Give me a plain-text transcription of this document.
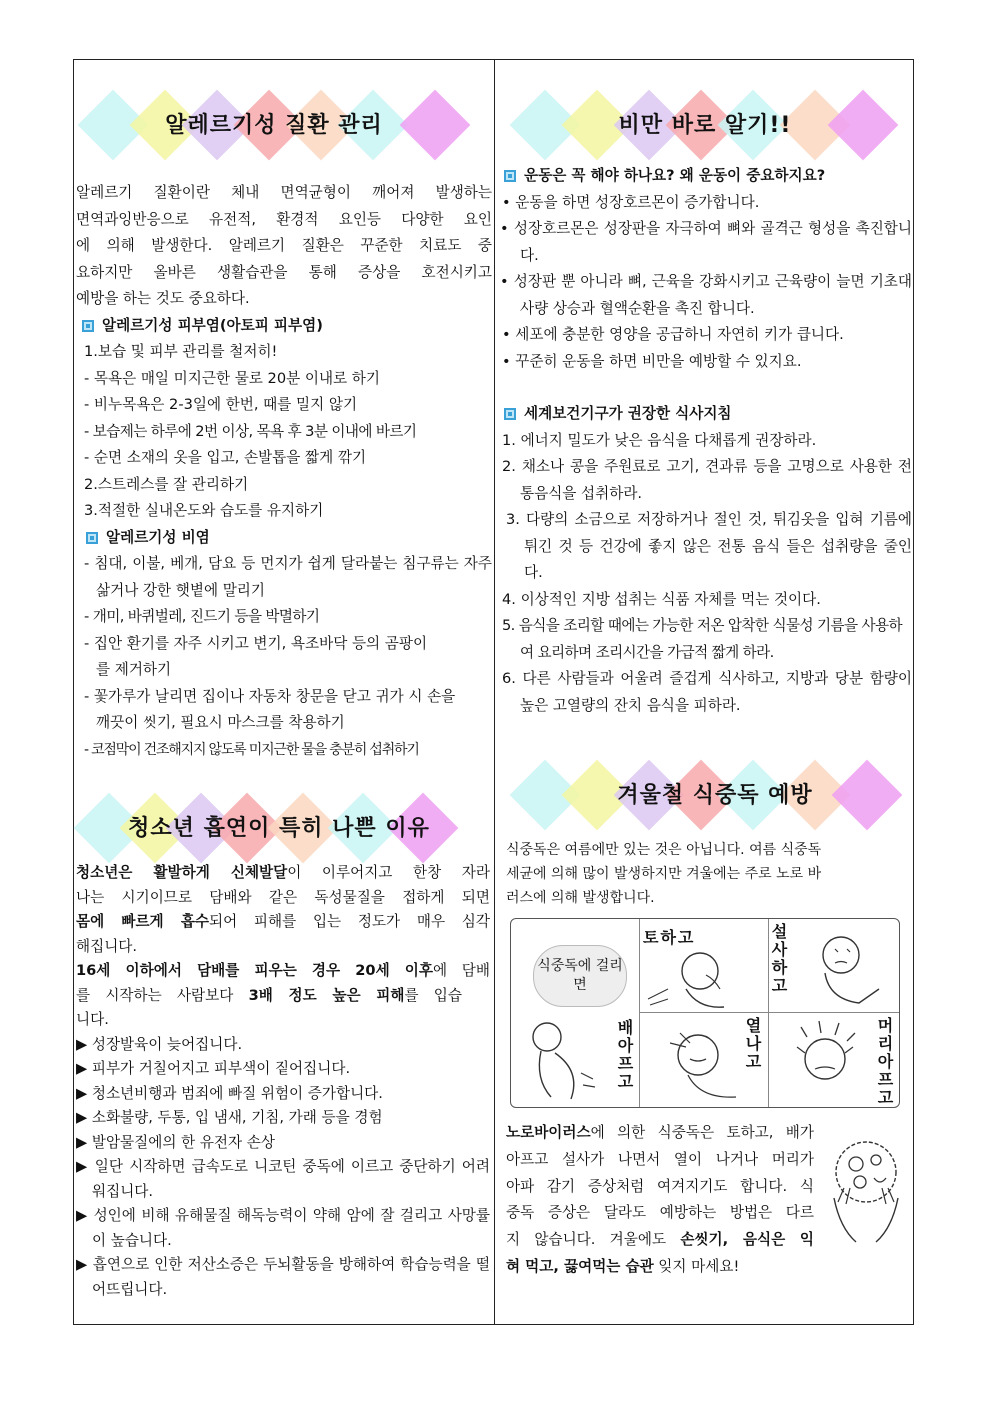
알레르기성 질환 관리

알레르기 질환이란 체내 면역균형이 깨어져 발생하는

면역과잉반응으로 유전적, 환경적 요인등 다양한 요인

에 의해 발생한다. 알레르기 질환은 꾸준한 치료도 중

요하지만 올바른 생활습관을 통해 증상을 호전시키고

예방을 하는 것도 중요하다.

알레르기성 피부염(아토피 피부염)

1.보습 및 피부 관리를 철저히!

- 목욕은 매일 미지근한 물로 20분 이내로 하기

- 비누목욕은 2-3일에 한번, 때를 밀지 않기

- 보습제는 하루에 2번 이상, 목욕 후 3분 이내에 바르기

- 순면 소재의 옷을 입고, 손발톱을 짧게 깎기

2.스트레스를 잘 관리하기

3.적절한 실내온도와 습도를 유지하기

알레르기성 비염

- 침대, 이불, 베개, 담요 등 먼지가 쉽게 달라붙는 침구류는 자주 삶거나 강한 햇볕에 말리기

- 개미, 바퀴벌레, 진드기 등을 박멸하기

- 집안 환기를 자주 시키고 변기, 욕조바닥 등의 곰팡이를 제거하기

- 꽃가루가 날리면 집이나 자동차 창문을 닫고 귀가 시 손을 깨끗이 씻기, 필요시 마스크를 착용하기

- 코점막이 건조해지지 않도록 미지근한 물을 충분히 섭취하기

청소년 흡연이 특히 나쁜 이유

청소년은 활발하게 신체발달이 이루어지고 한창 자라

나는 시기이므로 담배와 같은 독성물질을 접하게 되면

몸에 빠르게 흡수되어 피해를 입는 정도가 매우 심각

해집니다.

16세 이하에서 담배를 피우는 경우 20세 이후에 담배

를 시작하는 사람보다 3배 정도 높은 피해를 입습

니다.

▶ 성장발육이 늦어집니다.

▶ 피부가 거칠어지고 피부색이 짙어집니다.

▶ 청소년비행과 범죄에 빠질 위험이 증가합니다.

▶ 소화불량, 두통, 입 냄새, 기침, 가래 등을 경험

▶ 발암물질에의 한 유전자 손상

▶ 일단 시작하면 급속도로 니코틴 중독에 이르고 중단하기 어려워집니다.

▶ 성인에 비해 유해물질 해독능력이 약해 암에 잘 걸리고 사망률이 높습니다.

▶ 흡연으로 인한 저산소증은 두뇌활동을 방해하여 학습능력을 떨어뜨립니다.

비만 바로 알기!!
운동은 꼭 해야 하나요? 왜 운동이 중요하지요?

• 운동을 하면 성장호르몬이 증가합니다.

• 성장호르몬은 성장판을 자극하여 뼈와 골격근 형성을 촉진합니다.

• 성장판 뿐 아니라 뼈, 근육을 강화시키고 근육량이 늘면 기초대사량 상승과 혈액순환을 촉진 합니다.

• 세포에 충분한 영양을 공급하니 자연히 키가 큽니다.

• 꾸준히 운동을 하면 비만을 예방할 수 있지요.

세계보건기구가 권장한 식사지침

1. 에너지 밀도가 낮은 음식을 다채롭게 권장하라.

2. 채소나 콩을 주원료로 고기, 견과류 등을 고명으로 사용한 전통음식을 섭취하라.

3. 다량의 소금으로 저장하거나 절인 것, 튀김옷을 입혀 기름에 튀긴 것 등 건강에 좋지 않은 전통 음식 들은 섭취량을 줄인다.

4. 이상적인 지방 섭취는 식품 자체를 먹는 것이다.

5. 음식을 조리할 때에는 가능한 저온 압착한 식물성 기름을 사용하여 요리하며 조리시간을 가급적 짧게 하라.

6. 다른 사람들과 어울려 즐겁게 식사하고, 지방과 당분 함량이 높은 고열량의 잔치 음식을 피하라.

겨울철 식중독 예방

식중독은 여름에만 있는 것은 아닙니다. 여름 식중독

세균에 의해 많이 발생하지만 겨울에는 주로 노로 바

러스에 의해 발생합니다.

식중독에 걸리면
토하고	설사하고
배아프고	열나고	머리아프고

노로바이러스에 의한 식중독은 토하고, 배가

아프고 설사가 나면서 열이 나거나 머리가

아파 감기 증상처럼 여겨지기도 합니다. 식

중독 증상은 달라도 예방하는 방법은 다르

지 않습니다. 겨울에도 손씻기, 음식은 익

혀 먹고, 끓여먹는 습관 잊지 마세요!
